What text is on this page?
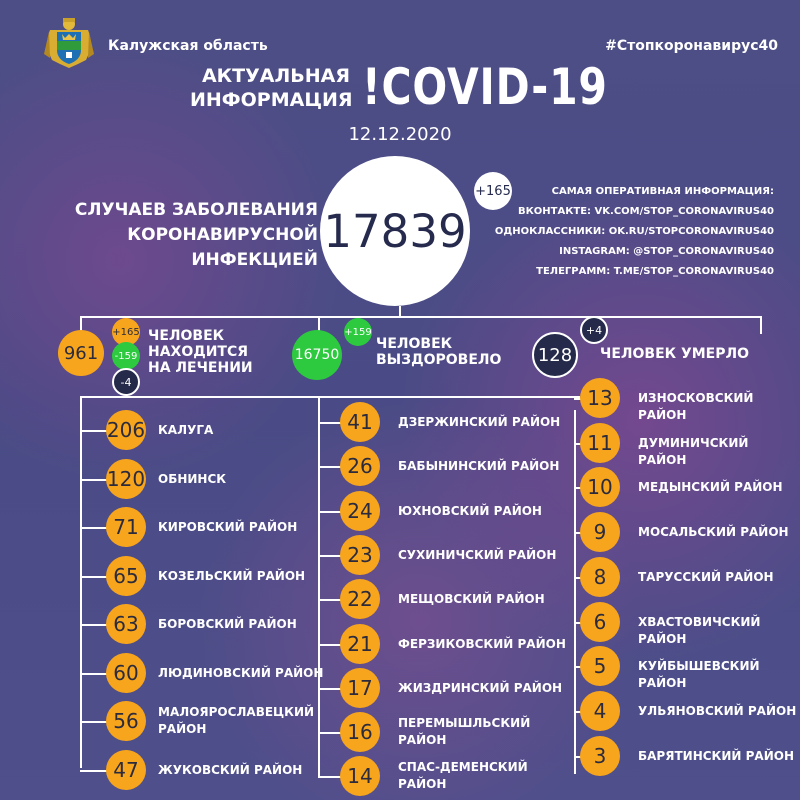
Калужская область	#Стопкоронавирус40
АКТУАЛЬНАЯ
ИНФОРМАЦИЯ !COVID-19
12.12.2020
СЛУЧАЕВ ЗАБОЛЕВАНИЯ
КОРОНАВИРУСНОЙ ИНФЕКЦИЕЙ
17839
+165	САМАЯ ОПЕРАТИВНАЯ ИНФОРМАЦИЯ:
ВКОНТАКТЕ: VK.COM/STOP_CORONAVIRUS40
ОДНОКЛАССНИКИ: OK.RU/STOPCORONAVIRUS40
INSTAGRAM: @STOP_CORONAVIRUS40
ТЕЛЕГРАММ: T.ME/STOP_CORONAVIRUS40
961
+165
-159
-4
ЧЕЛОВЕК
НАХОДИТСЯ
НА ЛЕЧЕНИИ
16750
+159
ЧЕЛОВЕК
ВЫЗДОРОВЕЛО	128
+4
ЧЕЛОВЕК УМЕРЛО
206 КАЛУГА
120 ОБНИНСК
71	КИРОВСКИЙ РАЙОН
65	КОЗЕЛЬСКИЙ РАЙОН
63	БОРОВСКИЙ РАЙОН
60	ЛЮДИНОВСКИЙ РАЙОН
56	МАЛОЯРОСЛАВЕЦКИЙ
РАЙОН
47	ЖУКОВСКИЙ РАЙОН
41	ДЗЕРЖИНСКИЙ РАЙОН
26	БАБЫНИНСКИЙ РАЙОН
24	ЮХНОВСКИЙ РАЙОН
23	СУХИНИЧСКИЙ РАЙОН
22	МЕЩОВСКИЙ РАЙОН
21	ФЕРЗИКОВСКИЙ РАЙОН
17	ЖИЗДРИНСКИЙ РАЙОН
16	ПЕРЕМЫШЛЬСКИЙ
РАЙОН
14	СПАС-ДЕМЕНСКИЙ
РАЙОН
13	ИЗНОСКОВСКИЙ РАЙОН
11	ДУМИНИЧСКИЙ РАЙОН
10	МЕДЫНСКИЙ РАЙОН
9	МОСАЛЬСКИЙ РАЙОН
8	ТАРУССКИЙ РАЙОН
6	ХВАСТОВИЧСКИЙ РАЙОН
5	КУЙБЫШЕВСКИЙ РАЙОН
4	УЛЬЯНОВСКИЙ РАЙОН
3	БАРЯТИНСКИЙ РАЙОН
